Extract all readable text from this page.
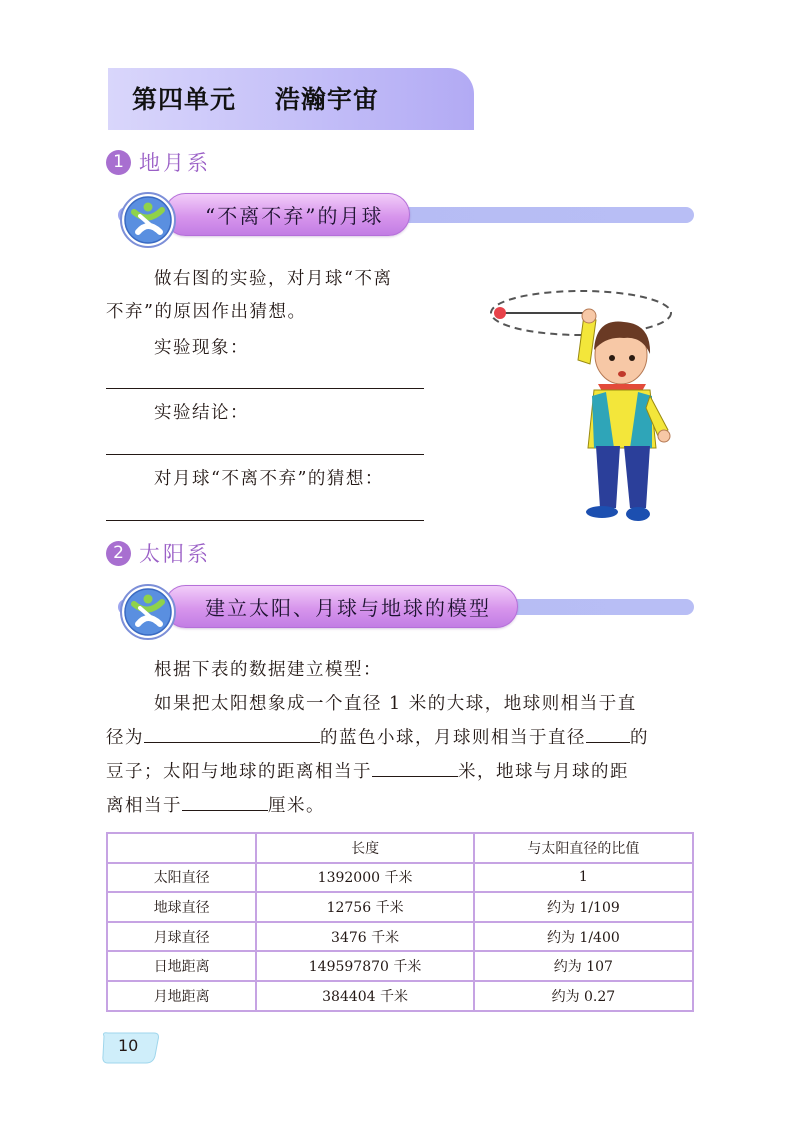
第四单元    浩瀚宇宙
1 地月系
“不离不弃”的月球
做右图的实验，对月球“不离
不弃”的原因作出猜想。
实验现象：
实验结论：
对月球“不离不弃”的猜想：
2 太阳系
建立太阳、月球与地球的模型
根据下表的数据建立模型：
如果把太阳想象成一个直径 1 米的大球，地球则相当于直
径为	的蓝色小球，月球则相当于直径	的
豆子；太阳与地球的距离相当于	米，地球与月球的距
离相当于	厘米。
	长度	与太阳直径的比值
太阳直径	1392000 千米	1
地球直径	12756 千米	约为 1/109
月球直径	3476 千米	约为 1/400
日地距离	149597870 千米	约为 107
月地距离	384404 千米	约为 0.27
10
